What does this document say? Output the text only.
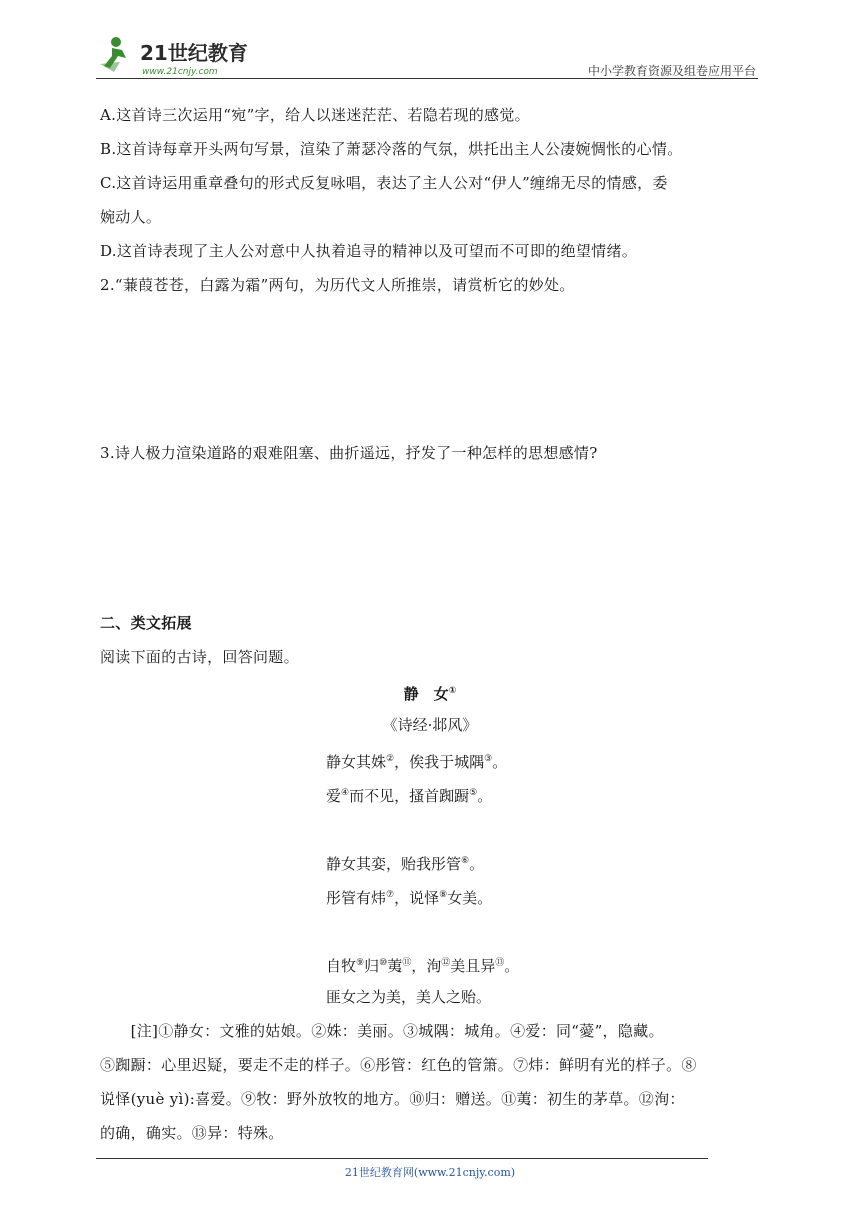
21世纪教育
www.21cnjy.com	中小学教育资源及组卷应用平台
A.这首诗三次运用“宛”字，给人以迷迷茫茫、若隐若现的感觉。
B.这首诗每章开头两句写景，渲染了萧瑟冷落的气氛，烘托出主人公凄婉惆怅的心情。
C.这首诗运用重章叠句的形式反复咏唱，表达了主人公对“伊人”缠绵无尽的情感，委
婉动人。
D.这首诗表现了主人公对意中人执着追寻的精神以及可望而不可即的绝望情绪。
2.“蒹葭苍苍，白露为霜”两句，为历代文人所推崇，请赏析它的妙处。
3.诗人极力渲染道路的艰难阻塞、曲折遥远，抒发了一种怎样的思想感情?
二、类文拓展
阅读下面的古诗，回答问题。
静　女①
《诗经·邶风》
静女其姝②，俟我于城隅③。
爱④而不见，搔首踟蹰⑤。
静女其娈，贻我彤管⑥。
彤管有炜⑦，说怿⑧女美。
自牧⑨归⑩荑⑪，洵⑫美且异⑬。
匪女之为美，美人之贻。
　　[注]①静女：文雅的姑娘。②姝：美丽。③城隅：城角。④爱：同“薆”，隐藏。
⑤踟蹰：心里迟疑，要走不走的样子。⑥彤管：红色的管箫。⑦炜：鲜明有光的样子。⑧
说怿(yuè yì):喜爱。⑨牧：野外放牧的地方。⑩归：赠送。⑪荑：初生的茅草。⑫洵：
的确，确实。⑬异：特殊。
21世纪教育网(www.21cnjy.com)
